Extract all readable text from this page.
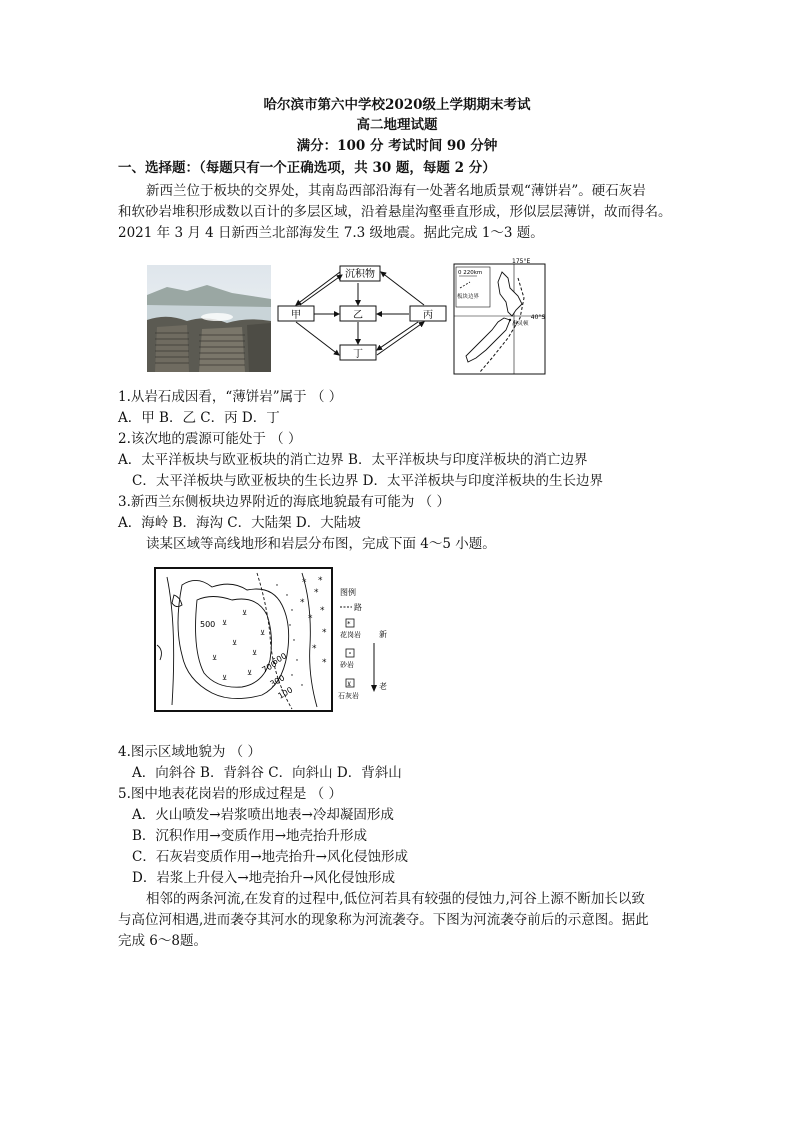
哈尔滨市第六中学校2020级上学期期末考试
高二地理试题
满分：100 分 考试时间 90 分钟
一、选择题：（每题只有一个正确选项，共 30 题，每题 2 分）
新西兰位于板块的交界处，其南岛西部沿海有一处著名地质景观“薄饼岩”。硬石灰岩
和软砂岩堆积形成数以百计的多层区域，沿着悬崖沟壑垂直形成，形似层层薄饼，故而得名。
2021 年 3 月 4 日新西兰北部海发生 7.3 级地震。据此完成 1～3 题。
沉积物
甲	乙	丙
丁
175°E
40°S
0 220km
板块边界
惠灵顿
1.从岩石成因看，“薄饼岩”属于 （ ）
A．甲 B．乙 C．丙 D．丁
2.该次地的震源可能处于 （ ）
A．太平洋板块与欧亚板块的消亡边界 B．太平洋板块与印度洋板块的消亡边界
C．太平洋板块与欧亚板块的生长边界 D．太平洋板块与印度洋板块的生长边界
3.新西兰东侧板块边界附近的海底地貌最有可能为 （ ）
A．海岭 B．海沟 C．大陆架 D．大陆坡
读某区域等高线地形和岩层分布图，完成下面 4～5 小题。
*
*
*
*
*
*
*
*
*
⊻
⊻
⊻
⊻
⊻
⊻
⊻
⊻
500
700
600
300
100
图例
路
*
花岗岩
砂岩
⊻
石灰岩
新
老
4.图示区域地貌为 （ ）
A．向斜谷 B．背斜谷 C．向斜山 D．背斜山
5.图中地表花岗岩的形成过程是 （ ）
A．火山喷发→岩浆喷出地表→冷却凝固形成
B．沉积作用→变质作用→地壳抬升形成
C．石灰岩变质作用→地壳抬升→风化侵蚀形成
D．岩浆上升侵入→地壳抬升→风化侵蚀形成
相邻的两条河流,在发育的过程中,低位河若具有较强的侵蚀力,河谷上源不断加长以致
与高位河相遇,进而袭夺其河水的现象称为河流袭夺。下图为河流袭夺前后的示意图。据此
完成 6～8题。
